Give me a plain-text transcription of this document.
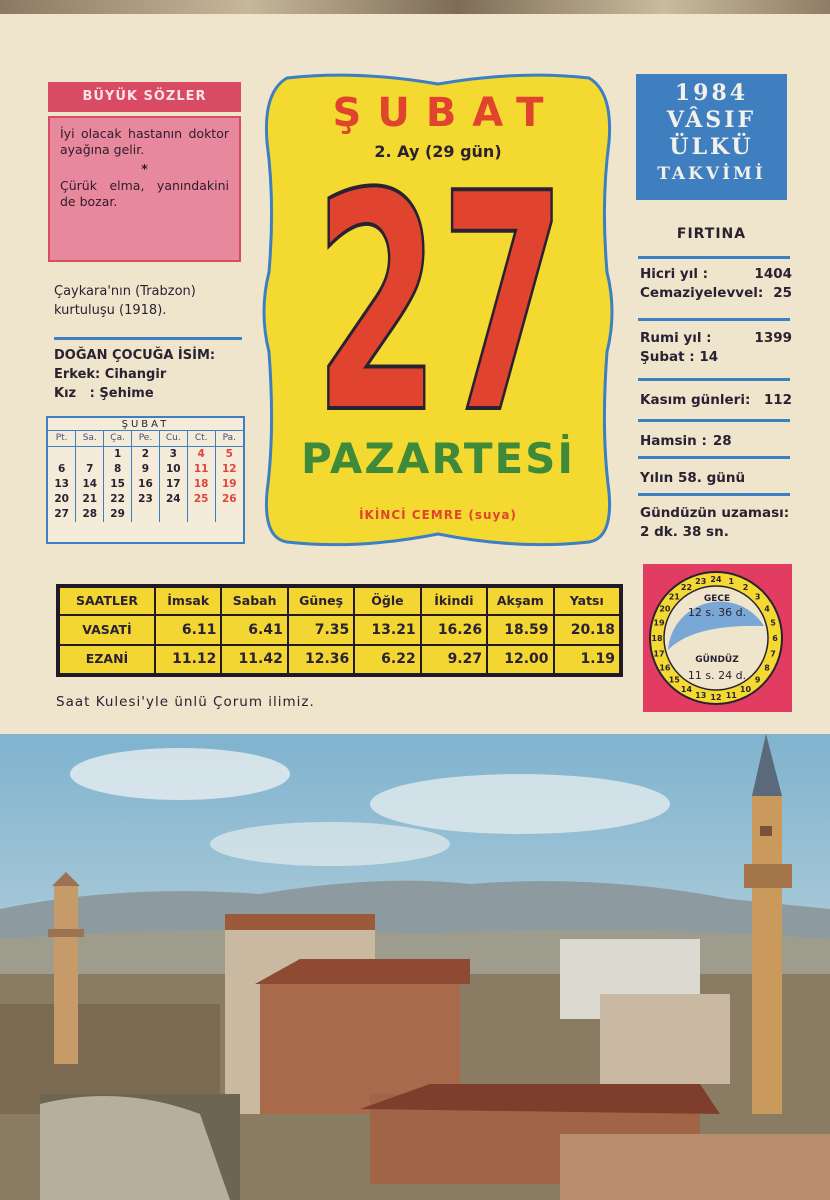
BÜYÜK SÖZLER
İyi olacak hastanın doktor ayağına gelir.
*
Çürük elma, yanındakini de bozar.
Çaykara'nın (Trabzon)
kurtuluşu (1918).
DOĞAN ÇOCUĞA İSİM:
Erkek: Cihangir
Kız   : Şehime
ŞUBAT
Pt.	Sa.	Ça.	Pe.	Cu.	Ct.	Pa.
		1	2	3	4	5
6	7	8	9	10	11	12
13	14	15	16	17	18	19
20	21	22	23	24	25	26
27	28	29				
ŞUBAT
2. Ay (29 gün)
27
PAZARTESİ
İKİNCİ CEMRE (suya)
1984
VÂSIF
ÜLKÜ
TAKVİMİ
FIRTINA
Hicri yıl :	1404
Cemaziyelevvel: 25
Rumi yıl :	1399
Şubat : 14
Kasım günleri: 112
Hamsin : 28
Yılın 58. günü
Gündüzün uzaması:
2 dk. 38 sn.
SAATLER	İmsak	Sabah	Güneş	Öğle	İkindi	Akşam	Yatsı
VASATİ	6.11	6.41	7.35	13.21	16.26	18.59	20.18
EZANİ	11.12	11.42	12.36	6.22	9.27	12.00	1.19
24 1
2
3
4
5
6
7
8
9
10
11
12
13
14
15
16
17
18
19
20
21
22
23
GECE
12 s. 36 d.
GÜNDÜZ
11 s. 24 d.
Saat Kulesi'yle ünlü Çorum ilimiz.
